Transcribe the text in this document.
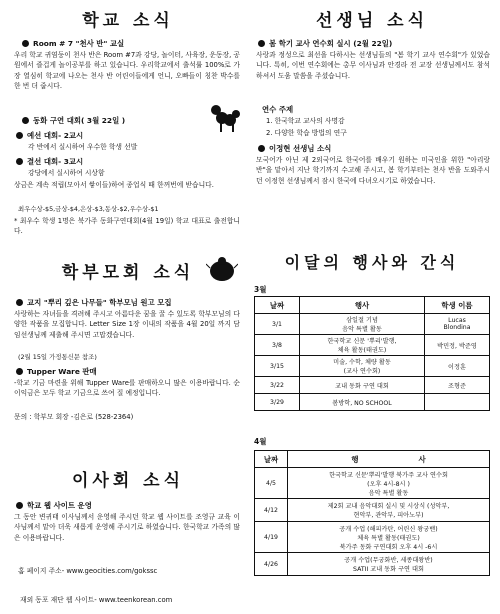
학교 소식
Room # 7 "천사 반" 교실
우리 학교 귀염둥이 천사 반은 Room #7과 강당, 놀이터, 사육장, 운동장, 공원에서 즐겁게 놀이공부를 하고 있습니다. 우리학교에서 출석률 100%로 가장 열심히 학교에 나오는 천사 반 어린이들에게 언니, 오빠들이 칭찬 박수를 한 번 더 줍시다.
동화 구연 대회( 3월 22일 )
예선 대회- 2교시
각 반에서 실시하여 우수한 학생 선발
결선 대회- 3교시
강당에서 실시하여 시상함
상금은 계속 적립(모아서 쌓이들)하여 종업식 때 한꺼번에 받습니다.
최우수상-$5,금상-$4,은상-$3,동상-$2,우수상-$1
* 최우수 학생 1명은 북가주 동화구연대회(4월 19일) 학교 대표로 출전합니다.
학부모회 소식
교지 "뿌리 깊은 나무들" 학부모님 원고 모집
사랑하는 자녀들을 격려해 주시고 아름다운 꿈을 꿀 수 있도록 학부모님의 다양한 작품을 모집합니다. Letter Size 1장 이내의 작품을 4월 20일 까지 담임선생님께 제출해 주시면 고맙겠습니다.
(2월 15일 가정통신문 참조)
Tupper Ware 판매
-학교 기금 마련을 위해 Tupper Ware를 판매하오니 많은 이용바랍니다. 순이익금은 모두 학교 기금으로 쓰여 질 예정입니다.
문의 : 학부모 회장 -김은로 (528-2364)
이사회 소식
학교 웹 사이트 운영
그 동안 변귀태 이사님께서 운영해 주시던 학교 웹 사이트를 조영규 교육 이사님께서 맡아 더욱 새롭게 운영해 주시기로 하였습니다. 한국학교 가족의 많은 이용바랍니다.
홈 페이지 주소- www.geocities.com/gokssc
재외 동포 재단 웹 사이트- www.teenkorean.com
선생님 소식
봄 학기 교사 연수회 실시 (2월 22일)
사랑과 정성으로 최선을 다하시는 선생님들의 "봄 학기 교사 연수회"가 있었습니다. 특히, 이번 연수회에는 총무 이사님과 안경라 전 교장 선생님께서도 참석하셔서 도움 말씀을 주셨습니다.
연수 주제
1. 한국학교 교사의 사명감
2. 다양한 학습 방법의 연구
이정현 선생님 소식
모국어가 아닌 제 2외국어로 한국어를 배우기 원하는 미국인을 위한 "아리랑 반"을 맡아서 지난 학기까지 수고해 주시고, 봄 학기부터는 천사 반을 도와주시던 이정현 선생님께서 잠시 한국에 다녀오시기로 하였습니다.
이달의 행사와 간식
3월
날짜	행사	학생 이름
3/1	삼일절 기념
음악 특별 활동	Lucas
Blondina
3/8	한국학교 신문 '뿌리'발행,
체육 활동(태권도)	박민정, 박준영
3/15	미술, 수학, 체량 활동
(교사 연수회)	이정훈
3/22	교내 동화 구연 대회	조형준
3/29	봄방학, NO SCHOOL	
4월
날짜	행 사
4/5	한국학교 신문'뿌리'발행 북가주 교사 연수회
(오후 4시-8시 )
음악 특별 활동
4/12	제2회 교내 음악대회 실시 및 시상식 (성악부,
현악부, 관악부, 피아노부)
4/19	공개 수업 (해피카탄, 어린신 왕궁밴)
체육 특별 활동(태권도)
북가주 동화 구연대회 오후 4시 -6시
4/26	공개 수업(무궁화반, 세종대왕반)
SATII 교내 동화 구연 대회
